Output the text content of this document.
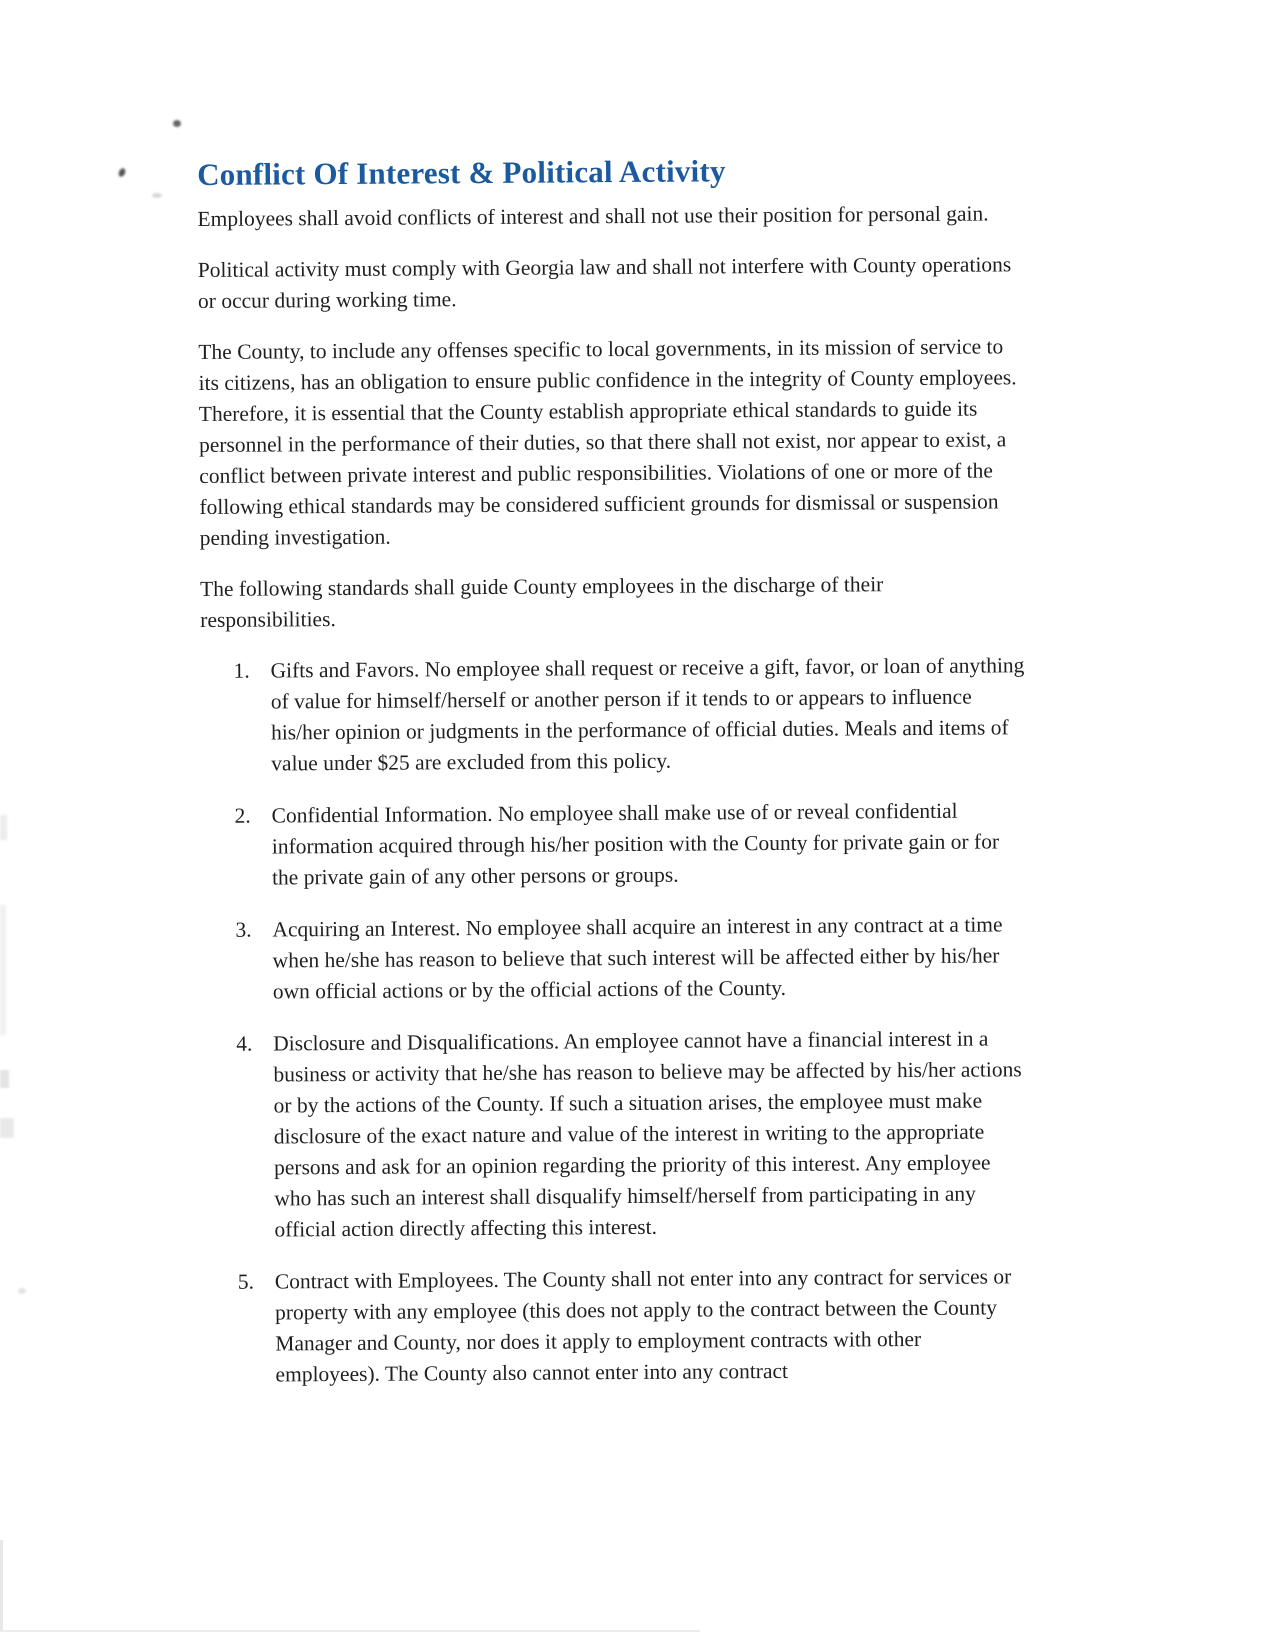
Conflict Of Interest & Political Activity

Employees shall avoid conflicts of interest and shall not use their position for personal gain.

Political activity must comply with Georgia law and shall not interfere with County operations or occur during working time.

The County, to include any offenses specific to local governments, in its mission of service to its citizens, has an obligation to ensure public confidence in the integrity of County employees. Therefore, it is essential that the County establish appropriate ethical standards to guide its personnel in the performance of their duties, so that there shall not exist, nor appear to exist, a conflict between private interest and public responsibilities. Violations of one or more of the following ethical standards may be considered sufficient grounds for dismissal or suspension pending investigation.

The following standards shall guide County employees in the discharge of their responsibilities.

1. Gifts and Favors. No employee shall request or receive a gift, favor, or loan of anything of value for himself/herself or another person if it tends to or appears to influence his/her opinion or judgments in the performance of official duties. Meals and items of value under $25 are excluded from this policy.
2. Confidential Information. No employee shall make use of or reveal confidential information acquired through his/her position with the County for private gain or for the private gain of any other persons or groups.
3. Acquiring an Interest. No employee shall acquire an interest in any contract at a time when he/she has reason to believe that such interest will be affected either by his/her own official actions or by the official actions of the County.
4. Disclosure and Disqualifications. An employee cannot have a financial interest in a business or activity that he/she has reason to believe may be affected by his/her actions or by the actions of the County. If such a situation arises, the employee must make disclosure of the exact nature and value of the interest in writing to the appropriate persons and ask for an opinion regarding the priority of this interest. Any employee who has such an interest shall disqualify himself/herself from participating in any official action directly affecting this interest.
5. Contract with Employees. The County shall not enter into any contract for services or property with any employee (this does not apply to the contract between the County Manager and County, nor does it apply to employment contracts with other employees). The County also cannot enter into any contract
